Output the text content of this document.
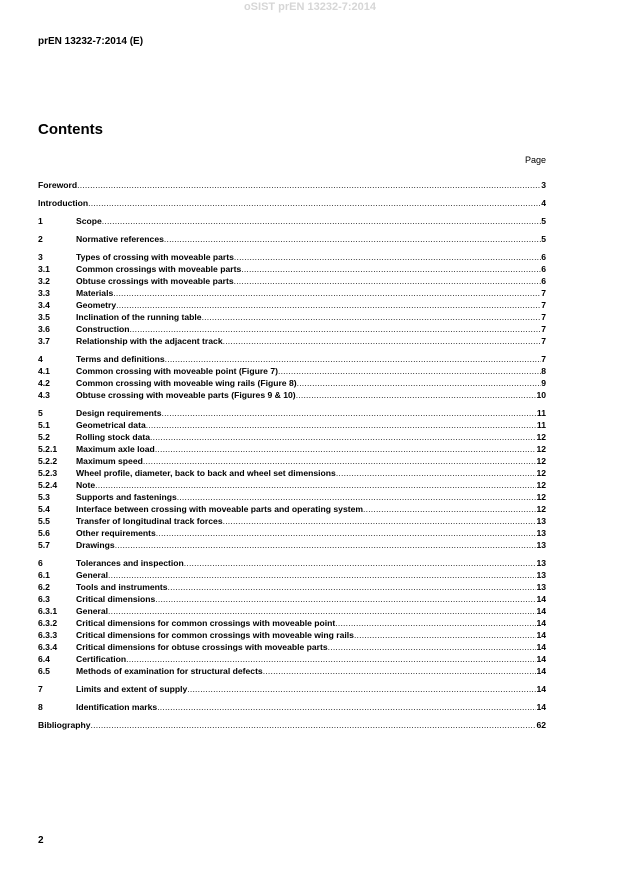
oSIST prEN 13232-7:2014
prEN 13232-7:2014 (E)
Contents
Page
Foreword .....	3
Introduction .....	4
1	Scope .....	5
2	Normative references .....	5
3	Types of crossing with moveable parts .....	6
3.1	Common crossings with moveable parts .....	6
3.2	Obtuse crossings with moveable parts .....	6
3.3	Materials .....	7
3.4	Geometry .....	7
3.5	Inclination of the running table .....	7
3.6	Construction .....	7
3.7	Relationship with the adjacent track .....	7
4	Terms and definitions .....	7
4.1	Common crossing with moveable point (Figure 7) .....	8
4.2	Common crossing with moveable wing rails (Figure 8) .....	9
4.3	Obtuse crossing with moveable parts (Figures 9 & 10) .....	10
5	Design requirements .....	11
5.1	Geometrical data .....	11
5.2	Rolling stock data .....	12
5.2.1	Maximum axle load .....	12
5.2.2	Maximum speed .....	12
5.2.3	Wheel profile, diameter, back to back and wheel set dimensions .....	12
5.2.4	Note .....	12
5.3	Supports and fastenings .....	12
5.4	Interface between crossing with moveable parts and operating system .....	12
5.5	Transfer of longitudinal track forces .....	13
5.6	Other requirements .....	13
5.7	Drawings .....	13
6	Tolerances and inspection .....	13
6.1	General .....	13
6.2	Tools and instruments .....	13
6.3	Critical dimensions .....	14
6.3.1	General .....	14
6.3.2	Critical dimensions for common crossings with moveable point .....	14
6.3.3	Critical dimensions for common crossings with moveable wing rails .....	14
6.3.4	Critical dimensions for obtuse crossings with moveable parts .....	14
6.4	Certification .....	14
6.5	Methods of examination for structural defects .....	14
7	Limits and extent of supply .....	14
8	Identification marks .....	14
Bibliography .....	62
2
